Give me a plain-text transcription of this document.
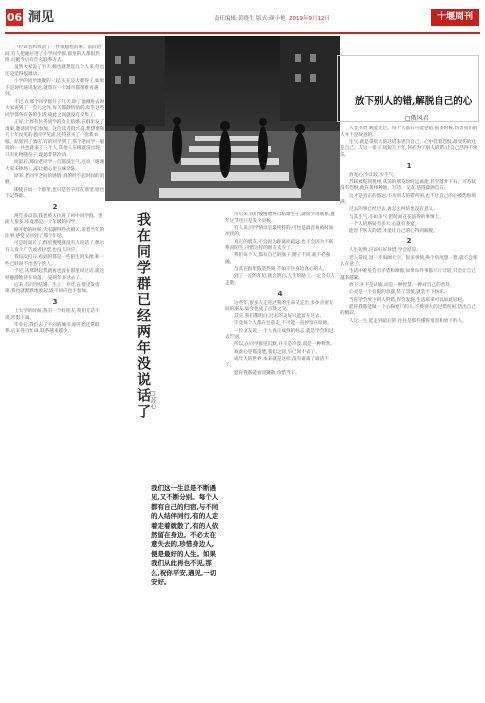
06 洞见	责任编辑:黄晓生 版式:颜小艳 2019年9月12日	十堰周刊

一位读者和我讲了一件很尴尬的事。前段时间,有人把她拉进了小学同学群,群里的人都很热络,问她今后有什么联系方式。

虽然大家说了半天,她也就想起几个人来,但也还是觉得很激动。

小学的同学地聚的一起,实在是大难得了,如果不是现代通讯发达,就算在一个城市都很难再遇到。

不过,在那个同学群开了几天,除了他刚进去时大家说到了一会儿之外,每天都静悄悄的,似乎这些同学都各有各的生活,彼此之间就没有交集了。

正好,上周有位英同学的女儿结婚,在群里发了请柬,邀请同学们参加。这位读者很兴奋,想想要和几十年没见的老同学见面,还特意买了一套新衣服。结果到了酒店,有的同学到了,那个老同学一般说的:一共也就来了三个人,其他人压根就没出现,只有礼物随份子,现场非常冷清。

而最后,那位老同学一点都没生气,还说「谢谢大家来捧场」,却让她心里五味杂陈。

原来,老同学之间的感情,真的经不起时间的消磨。

即使在同一个群里,也只是名字挂在那里,谁也不记得谁。

2

两年多以前,我也被人拉进了初中同学群。里面人很多,毕竟那是一个年级的同学。

刚开始的时候,大家聊得热火朝天,说着当年的往事,感觉又回到了那个年纪。

可是时间长了,群里慢慢就没有人说话了,偶尔有人发个广告或者拉票,也没人回应。

我每次打开,看到的都是一些陌生的头像,和一些已经叫不出名字的人。

于是,从那时起我就再也没在群里说过话,就这样静静地待在角落,一晃两年多过去了。

后来,有同学结婚、生子、乔迁,在群里发请柬,我也就默默地收起,既不回应也不参加。

3

上大学的时候,我有一个好朋友,我们无话不谈,形影不离。

毕业后,我们去了不同的城市,刚开始还常联系,后来各自忙碌,联系越来越少。	我在同学群已经两年没说话了
□苏心

我们这一生总是不断遇见,又不断分别。每个人都有自己的归宿,与不同的人结伴同行,有的人走着走着就散了,有的人依然留在身边。不必太在意失去的,珍惜身边人,便是最好的人生。如果我们从此再也不见,那么,祝你平安,遇见,一切安好。

可后来,我们慢慢地各自结婚生子,就很少再联系,逢年过节也只是发个问候。

有人说,同学情谊是最纯粹的,可也是最容易被时间冲淡的。

真正的朋友,不会因为距离而疏远,也不会因为不联系而陌生,可惜这样的朋友太少了。

我们每个人,都有自己的圈子,圈子不同,就不必强融。

与其在群里假装热闹,不如守住身边真心的人。

到了一定的年纪,就会明白,人生的路上,一定会有人走散。

4

这些年,很多人走进过我的生命又走出,多少亲密无间的朋友,如今也成了点赞之交。

其实,我们都明白,过去的美好只能留在过去。

毕竟每个人都在往前走,不可能一直停留在原地。

一位文友说,一个人真正成熟的标志,就是学会和过去告别。

所以,在同学群里沉默,并不是冷漠,而是一种释然。

彼此心里都清楚,我们之间,早已回不去了。

成年人的世界,本来就是这样,没有谁离了谁活不了。

愿你我都能看淡聚散,珍惜当下。

放下别人的错,解脱自己的心
□俄风君

人非圣贤,孰能无过。每个人都有可能犯错,很多时候,伤害我们的人并不是故意的。

生气,就是拿别人的过错来惩罚自己。心中装着怨恨,最受伤的还是自己。人这一辈子,短短几十年,何必为了别人的错,让自己活得不快乐。

1

放宽心,少计较,少生气。

苏轼被贬到黄州,从前的朋友纷纷远离他,甚至落井下石。可苏轼没有怨恨,他在黄州种地、写诗、交友,活得潇洒自在。

这才是真正的豁达,不为别人的错所困,也不让自己的心被怨恨填满。

过去的事已经过去,再怎么纠结也没有意义。

与其生气,不如争气,把时间花在值得的事情上。

一个人的格局有多大,心就有多宽。

能容下别人的错,才能让自己的心得到解脱。

2

人生短暂,应该好好珍惜,学会原谅。

老人常说,退一步海阔天空。很多事情,换个角度想一想,就不会那么在意了。

生活中难免会有矛盾和摩擦,如果每件事都斤斤计较,只会让自己越来越累。

放下,并不是认输,而是一种智慧,一种对自己的善待。

心灵是一个有限的容器,装了怨恨,就装不下快乐。

当你学会放下别人的错,你会发现,生活原来可以如此轻松。

愿你我都能做一个心胸宽广的人,不被别人的过错所困,活出自己的精彩。

人这一生,能走到最后的,往往是那些懂得宽容和放下的人。
